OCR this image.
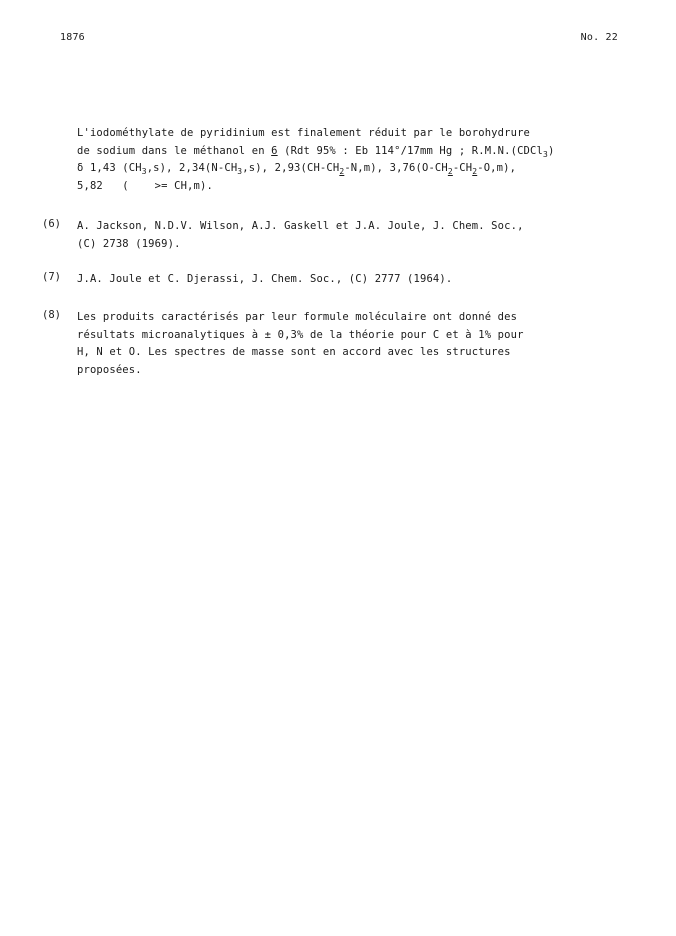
1876	No. 22
L'iodométhylate de pyridinium est finalement réduit par le borohydrure
de sodium dans le méthanol en 6 (Rdt 95% : Eb 114°/17mm Hg ; R.M.N.(CDCl$_3$)
δ 1,43 $(CH_3,s)$, $2,34(N-CH_3,s)$, $2,93(CH-CH_2-N,m)$, $3,76(O-CH_2-CH_2-O,m)$,
5,82   (    >= CH,m).
(6) A. Jackson, N.D.V. Wilson, A.J. Gaskell et J.A. Joule, J. Chem. Soc.,
(C) 2738 (1969).
(7) J.A. Joule et C. Djerassi, J. Chem. Soc., (C) 2777 (1964).
(8) Les produits caractérisés par leur formule moléculaire ont donné des
résultats microanalytiques à ± 0,3% de la théorie pour C et à 1% pour
H, N et O. Les spectres de masse sont en accord avec les structures
proposées.
